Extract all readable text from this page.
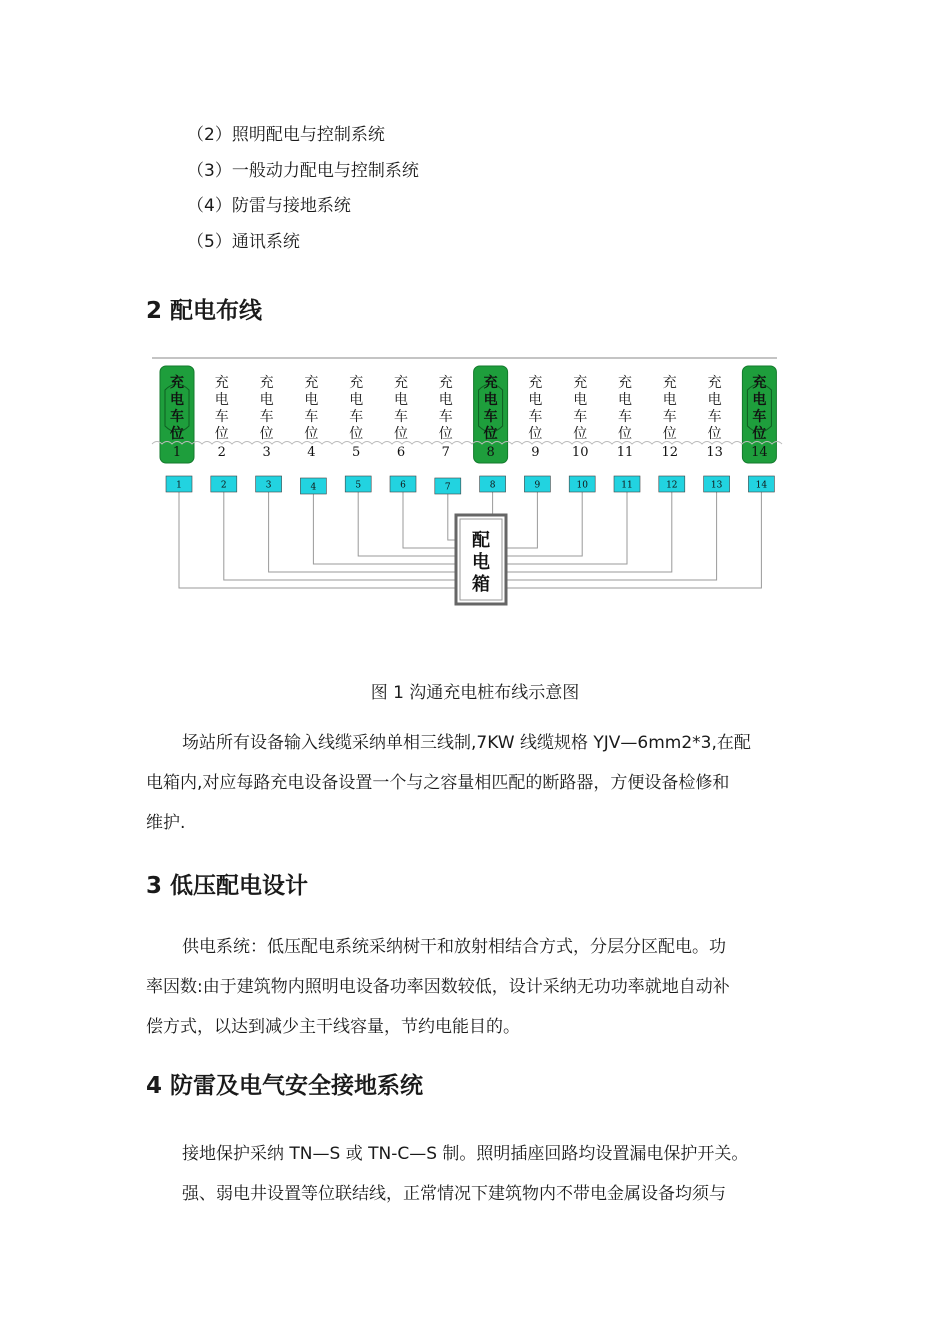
（2）照明配电与控制系统
（3）一般动力配电与控制系统
（4）防雷与接地系统
（5）通讯系统
2 配电布线
充
电
车
位
1
充
电
车
位
2
充
电
车
位
3
充
电
车
位
4
充
电
车
位
5
充
电
车
位
6
充
电
车
位
7
充
电
车
位
8
充
电
车
位
9
充
电
车
位
10
充
电
车
位
11
充
电
车
位
12
充
电
车
位
13
充
电
车
位
14
1	2	3	4	5	6	7	8	9	10	11	12	13	14
配
电
箱
图 1 沟通充电桩布线示意图
场站所有设备输入线缆采纳单相三线制,7KW 线缆规格 YJV—6mm2*3,在配
电箱内,对应每路充电设备设置一个与之容量相匹配的断路器，方便设备检修和
维护.
3 低压配电设计
供电系统：低压配电系统采纳树干和放射相结合方式，分层分区配电。功
率因数:由于建筑物内照明电设备功率因数较低，设计采纳无功功率就地自动补
偿方式，以达到减少主干线容量，节约电能目的。
4 防雷及电气安全接地系统
接地保护采纳 TN—S 或 TN-C—S 制。照明插座回路均设置漏电保护开关。
强、弱电井设置等位联结线，正常情况下建筑物内不带电金属设备均须与
